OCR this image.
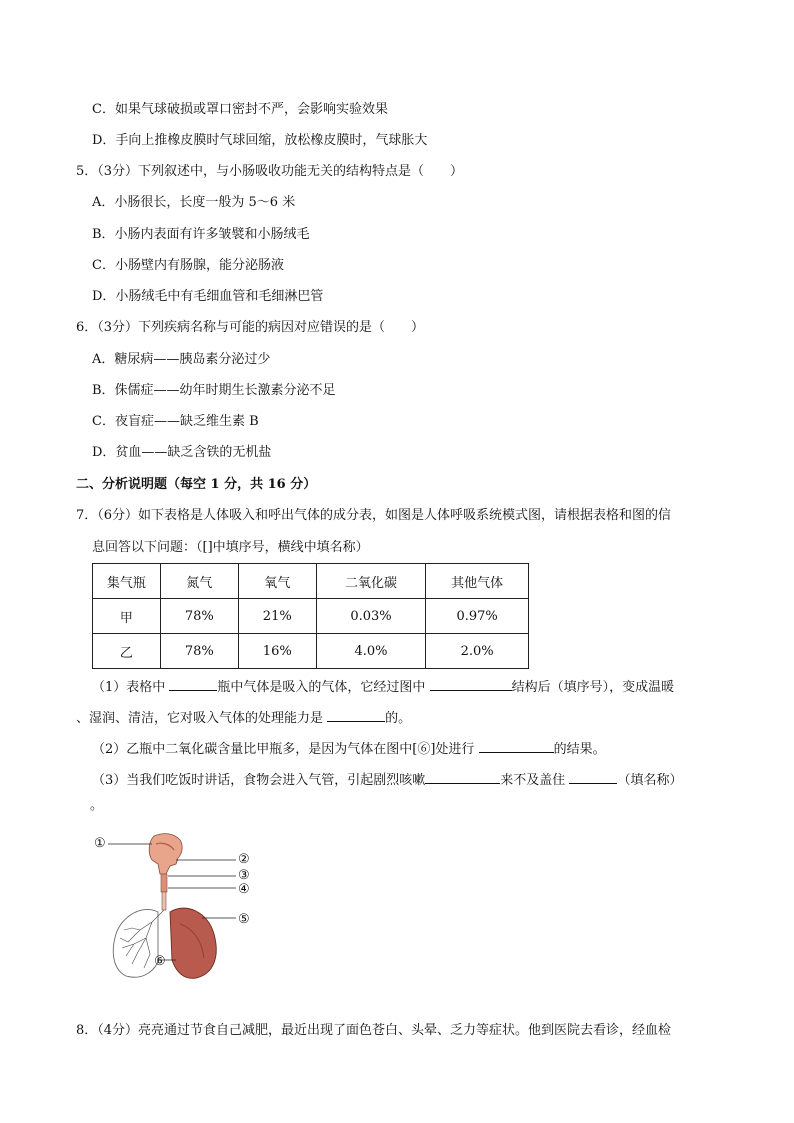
C．如果气球破损或罩口密封不严，会影响实验效果
D．手向上推橡皮膜时气球回缩，放松橡皮膜时，气球胀大
5．（3分）下列叙述中，与小肠吸收功能无关的结构特点是（　　）
A．小肠很长，长度一般为 5～6 米
B．小肠内表面有许多皱襞和小肠绒毛
C．小肠壁内有肠腺，能分泌肠液
D．小肠绒毛中有毛细血管和毛细淋巴管
6．（3分）下列疾病名称与可能的病因对应错误的是（　　）
A．糖尿病——胰岛素分泌过少
B．侏儒症——幼年时期生长激素分泌不足
C．夜盲症——缺乏维生素 B
D．贫血——缺乏含铁的无机盐
二、分析说明题（每空 1 分，共 16 分）
7．（6分）如下表格是人体吸入和呼出气体的成分表，如图是人体呼吸系统模式图，请根据表格和图的信
息回答以下问题：（[]中填序号，横线中填名称）
集气瓶	氮气	氧气	二氧化碳	其他气体
甲	78%	21%	0.03%	0.97%
乙	78%	16%	4.0%	2.0%
（1）表格中	瓶中气体是吸入的气体，它经过图中	结构后（填序号），变成温暖
、湿润、清洁，它对吸入气体的处理能力是	的。
（2）乙瓶中二氧化碳含量比甲瓶多，是因为气体在图中[⑥]处进行	的结果。
（3）当我们吃饭时讲话，食物会进入气管，引起剧烈咳嗽	来不及盖住	（填名称）
。
①
②
③
④
⑤
⑥
8．（4分）亮亮通过节食自己减肥，最近出现了面色苍白、头晕、乏力等症状。他到医院去看诊，经血检
